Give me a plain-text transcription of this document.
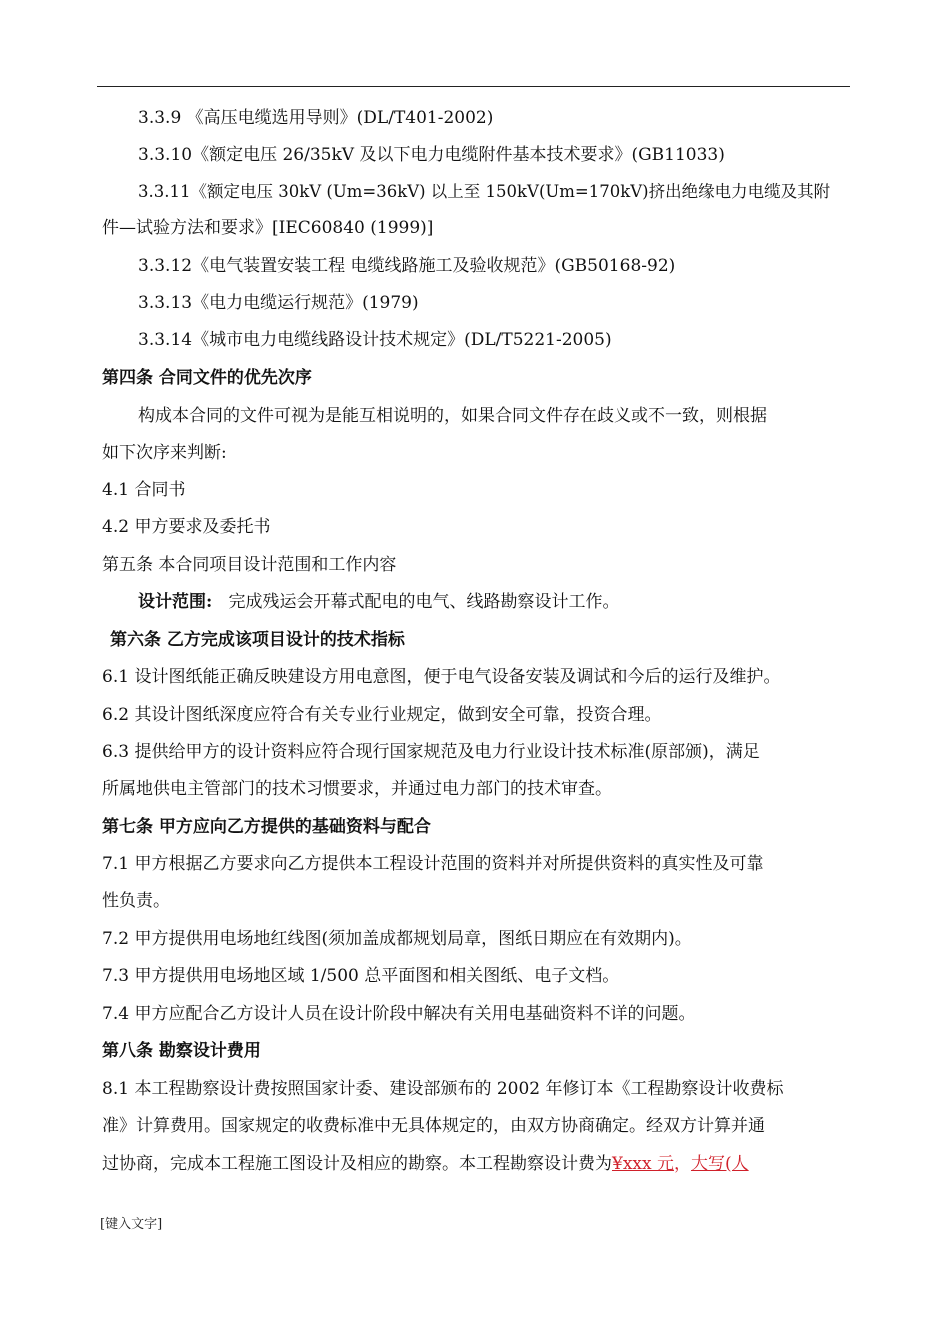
3.3.9 《高压电缆选用导则》(DL/T401-2002)
3.3.10《额定电压 26/35kV 及以下电力电缆附件基本技术要求》(GB11033)
3.3.11《额定电压 30kV (Um=36kV) 以上至 150kV(Um=170kV)挤出绝缘电力电缆及其附
件—试验方法和要求》[IEC60840 (1999)]
3.3.12《电气装置安装工程 电缆线路施工及验收规范》(GB50168-92)
3.3.13《电力电缆运行规范》(1979)
3.3.14《城市电力电缆线路设计技术规定》(DL/T5221-2005)
第四条 合同文件的优先次序
构成本合同的文件可视为是能互相说明的，如果合同文件存在歧义或不一致，则根据
如下次序来判断:
4.1 合同书
4.2 甲方要求及委托书
第五条 本合同项目设计范围和工作内容
设计范围: 完成残运会开幕式配电的电气、线路勘察设计工作。
第六条 乙方完成该项目设计的技术指标
6.1 设计图纸能正确反映建设方用电意图，便于电气设备安装及调试和今后的运行及维护。
6.2 其设计图纸深度应符合有关专业行业规定，做到安全可靠，投资合理。
6.3 提供给甲方的设计资料应符合现行国家规范及电力行业设计技术标准(原部颁)，满足
所属地供电主管部门的技术习惯要求，并通过电力部门的技术审查。
第七条 甲方应向乙方提供的基础资料与配合
7.1 甲方根据乙方要求向乙方提供本工程设计范围的资料并对所提供资料的真实性及可靠
性负责。
7.2 甲方提供用电场地红线图(须加盖成都规划局章，图纸日期应在有效期内)。
7.3 甲方提供用电场地区域 1/500 总平面图和相关图纸、电子文档。
7.4 甲方应配合乙方设计人员在设计阶段中解决有关用电基础资料不详的问题。
第八条 勘察设计费用
8.1 本工程勘察设计费按照国家计委、建设部颁布的 2002 年修订本《工程勘察设计收费标
准》计算费用。国家规定的收费标准中无具体规定的，由双方协商确定。经双方计算并通
过协商，完成本工程施工图设计及相应的勘察。本工程勘察设计费为¥xxx 元，大写(人
[键入文字]
